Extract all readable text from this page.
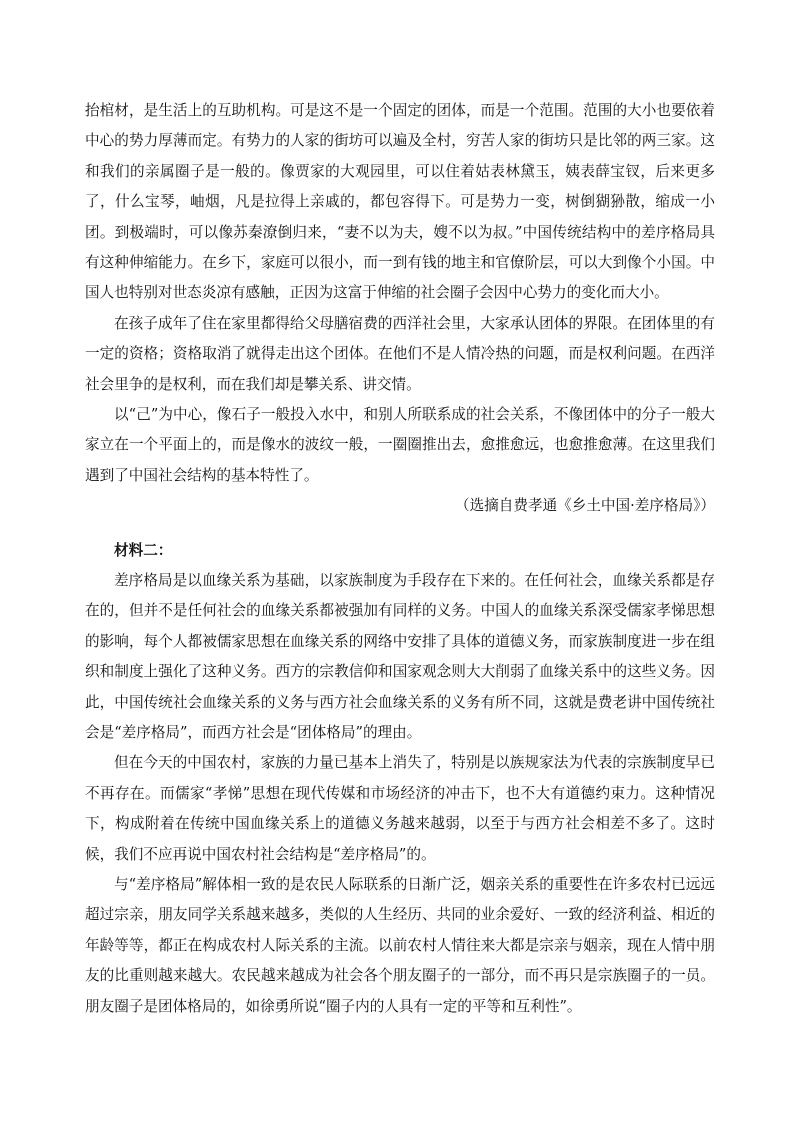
抬棺材，是生活上的互助机构。可是这不是一个固定的团体，而是一个范围。范围的大小也要依着中心的势力厚薄而定。有势力的人家的街坊可以遍及全村，穷苦人家的街坊只是比邻的两三家。这和我们的亲属圈子是一般的。像贾家的大观园里，可以住着姑表林黛玉，姨表薛宝钗，后来更多了，什么宝琴，岫烟，凡是拉得上亲戚的，都包容得下。可是势力一变，树倒猢狲散，缩成一小团。到极端时，可以像苏秦潦倒归来，“妻不以为夫，嫂不以为叔。”中国传统结构中的差序格局具有这种伸缩能力。在乡下，家庭可以很小，而一到有钱的地主和官僚阶层，可以大到像个小国。中国人也特别对世态炎凉有感触，正因为这富于伸缩的社会圈子会因中心势力的变化而大小。

在孩子成年了住在家里都得给父母膳宿费的西洋社会里，大家承认团体的界限。在团体里的有一定的资格；资格取消了就得走出这个团体。在他们不是人情冷热的问题，而是权利问题。在西洋社会里争的是权利，而在我们却是攀关系、讲交情。

以“己”为中心，像石子一般投入水中，和别人所联系成的社会关系，不像团体中的分子一般大家立在一个平面上的，而是像水的波纹一般，一圈圈推出去，愈推愈远，也愈推愈薄。在这里我们遇到了中国社会结构的基本特性了。

（选摘自费孝通《乡土中国·差序格局》）

材料二：

差序格局是以血缘关系为基础，以家族制度为手段存在下来的。在任何社会，血缘关系都是存在的，但并不是任何社会的血缘关系都被强加有同样的义务。中国人的血缘关系深受儒家孝悌思想的影响，每个人都被儒家思想在血缘关系的网络中安排了具体的道德义务，而家族制度进一步在组织和制度上强化了这种义务。西方的宗教信仰和国家观念则大大削弱了血缘关系中的这些义务。因此，中国传统社会血缘关系的义务与西方社会血缘关系的义务有所不同，这就是费老讲中国传统社会是“差序格局”，而西方社会是“团体格局”的理由。

但在今天的中国农村，家族的力量已基本上消失了，特别是以族规家法为代表的宗族制度早已不再存在。而儒家“孝悌”思想在现代传媒和市场经济的冲击下，也不大有道德约束力。这种情况下，构成附着在传统中国血缘关系上的道德义务越来越弱，以至于与西方社会相差不多了。这时候，我们不应再说中国农村社会结构是“差序格局”的。

与“差序格局”解体相一致的是农民人际联系的日渐广泛，姻亲关系的重要性在许多农村已远远超过宗亲，朋友同学关系越来越多，类似的人生经历、共同的业余爱好、一致的经济利益、相近的年龄等等，都正在构成农村人际关系的主流。以前农村人情往来大都是宗亲与姻亲，现在人情中朋友的比重则越来越大。农民越来越成为社会各个朋友圈子的一部分，而不再只是宗族圈子的一员。朋友圈子是团体格局的，如徐勇所说“圈子内的人具有一定的平等和互利性”。
